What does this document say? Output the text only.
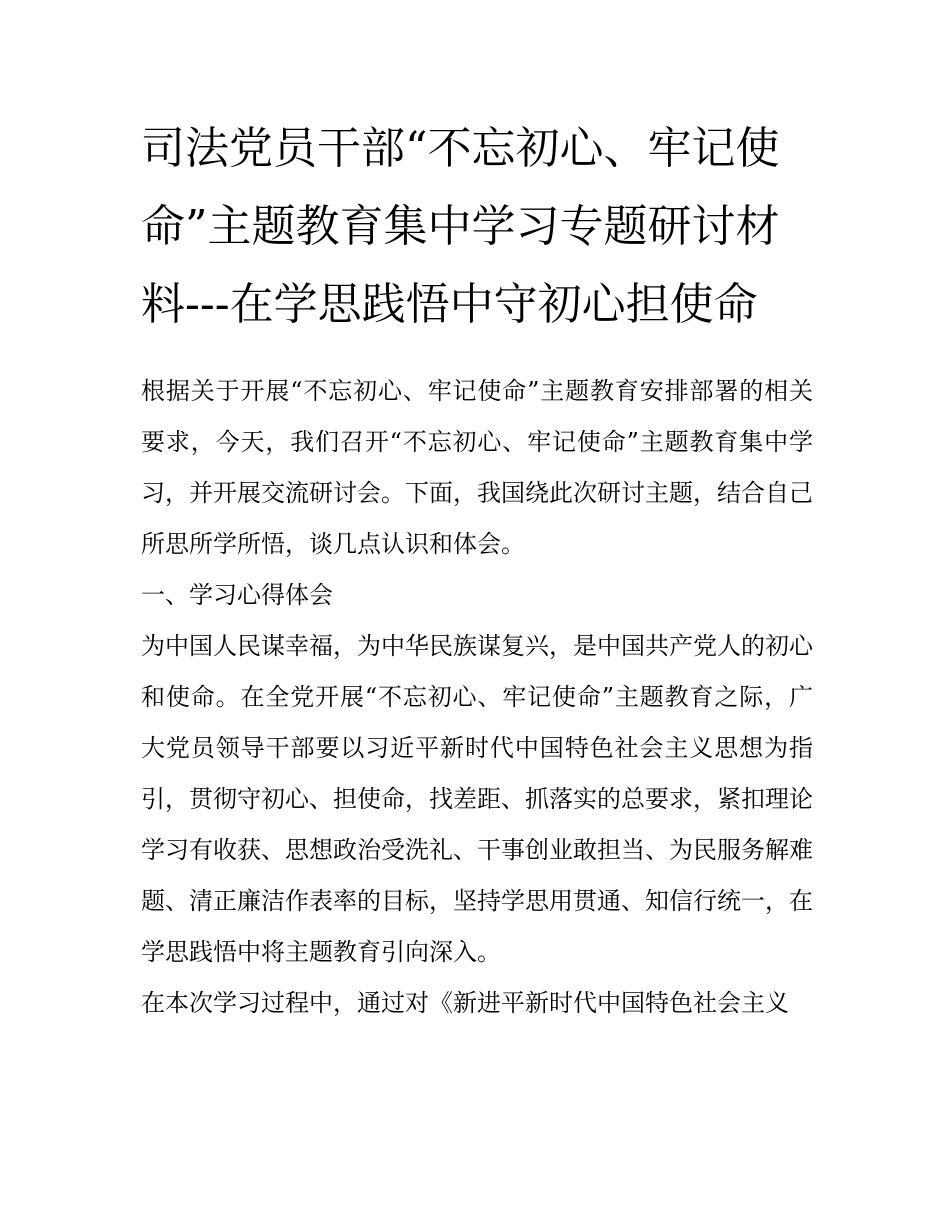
司法党员干部“不忘初心、牢记使命”主题教育集中学习专题研讨材料---在学思践悟中守初心担使命

根据关于开展“不忘初心、牢记使命”主题教育安排部署的相关要求，今天，我们召开“不忘初心、牢记使命”主题教育集中学习，并开展交流研讨会。下面，我国绕此次研讨主题，结合自己所思所学所悟，谈几点认识和体会。

一、学习心得体会

为中国人民谋幸福，为中华民族谋复兴，是中国共产党人的初心和使命。在全党开展“不忘初心、牢记使命”主题教育之际，广大党员领导干部要以习近平新时代中国特色社会主义思想为指引，贯彻守初心、担使命，找差距、抓落实的总要求，紧扣理论学习有收获、思想政治受洗礼、干事创业敢担当、为民服务解难题、清正廉洁作表率的目标，坚持学思用贯通、知信行统一，在学思践悟中将主题教育引向深入。

在本次学习过程中，通过对《新进平新时代中国特色社会主义
